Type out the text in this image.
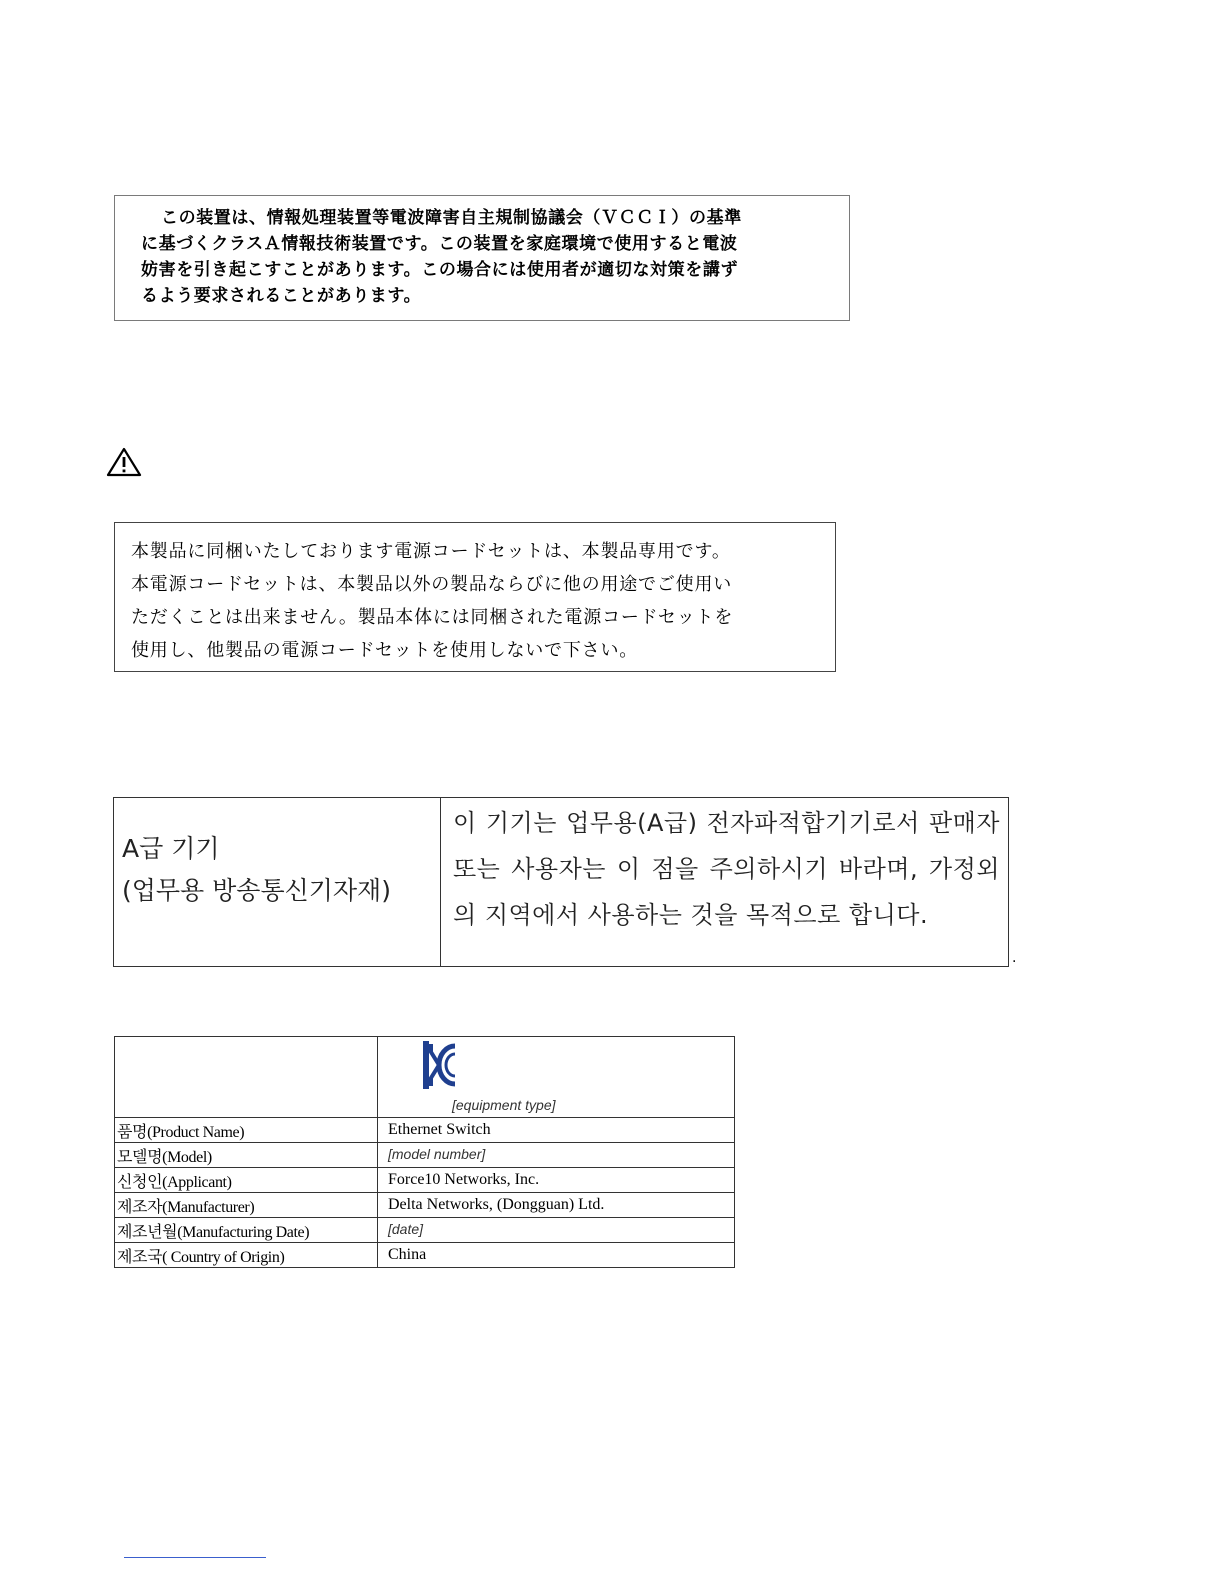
この装置は、情報処理装置等電波障害自主規制協議会（ＶＣＣＩ）の基準
に基づくクラスＡ情報技術装置です。この装置を家庭環境で使用すると電波
妨害を引き起こすことがあります。この場合には使用者が適切な対策を講ず
るよう要求されることがあります。

本製品に同梱いたしております電源コードセットは、本製品専用です。
本電源コードセットは、本製品以外の製品ならびに他の用途でご使用い
ただくことは出来ません。製品本体には同梱された電源コードセットを
使用し、他製品の電源コードセットを使用しないで下さい。

A급 기기
(업무용 방송통신기자재)
	이 기기는 업무용(A급) 전자파적합기기로서 판매자 또는 사용자는 이 점을 주의하시기 바라며, 가정외의 지역에서 사용하는 것을 목적으로 합니다.
.

	[equipment type]

품명(Product Name)	Ethernet Switch
모델명(Model)	[model number]
신청인(Applicant)	Force10 Networks, Inc.
제조자(Manufacturer)	Delta Networks, (Dongguan) Ltd.
제조년월(Manufacturing Date)	[date]
제조국( Country of Origin)	China
